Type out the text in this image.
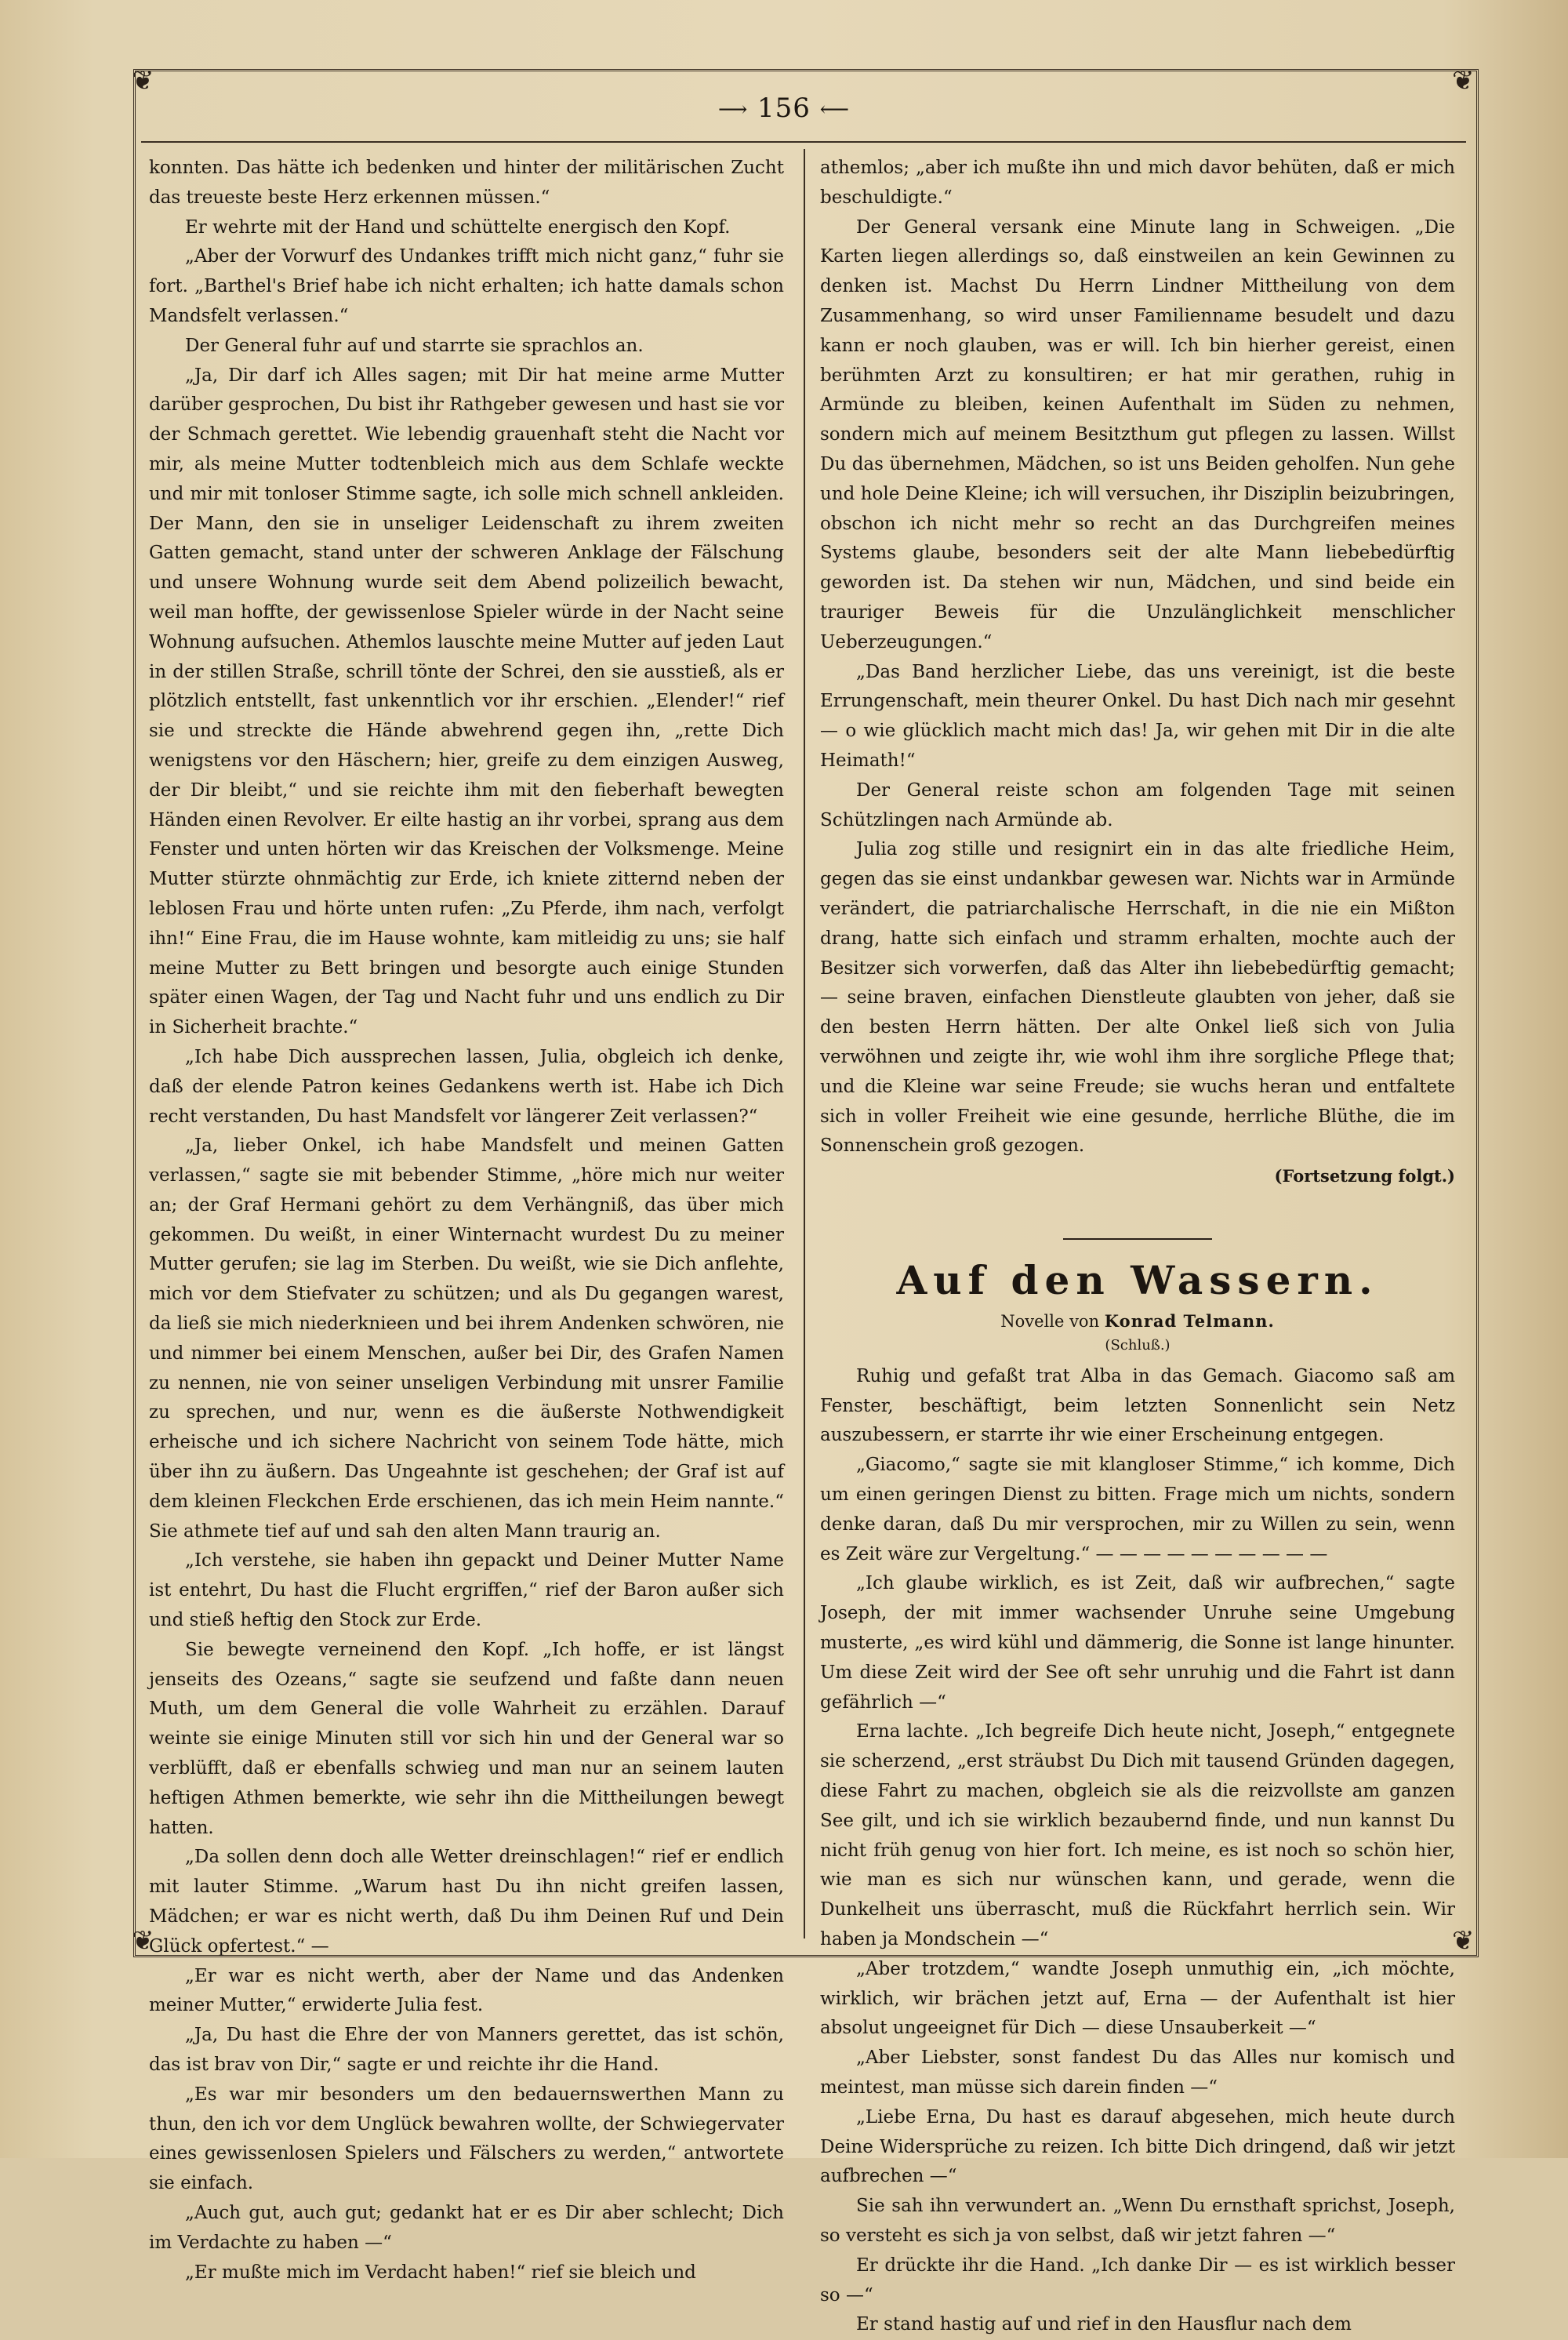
❦	❦
❦	❦
⟶ 156 ⟵

konnten. Das hätte ich bedenken und hinter der militärischen Zucht das treueste beste Herz erkennen müssen.“

Er wehrte mit der Hand und schüttelte energisch den Kopf.

„Aber der Vorwurf des Undankes trifft mich nicht ganz,“ fuhr sie fort. „Barthel's Brief habe ich nicht erhalten; ich hatte damals schon Mandsfelt verlassen.“

Der General fuhr auf und starrte sie sprachlos an.

„Ja, Dir darf ich Alles sagen; mit Dir hat meine arme Mutter darüber gesprochen, Du bist ihr Rathgeber gewesen und hast sie vor der Schmach gerettet. Wie lebendig grauenhaft steht die Nacht vor mir, als meine Mutter todtenbleich mich aus dem Schlafe weckte und mir mit tonloser Stimme sagte, ich solle mich schnell ankleiden. Der Mann, den sie in unseliger Leidenschaft zu ihrem zweiten Gatten gemacht, stand unter der schweren Anklage der Fälschung und unsere Wohnung wurde seit dem Abend polizeilich bewacht, weil man hoffte, der gewissenlose Spieler würde in der Nacht seine Wohnung aufsuchen. Athemlos lauschte meine Mutter auf jeden Laut in der stillen Straße, schrill tönte der Schrei, den sie ausstieß, als er plötzlich entstellt, fast unkenntlich vor ihr erschien. „Elender!“ rief sie und streckte die Hände abwehrend gegen ihn, „rette Dich wenigstens vor den Häschern; hier, greife zu dem einzigen Ausweg, der Dir bleibt,“ und sie reichte ihm mit den fieberhaft bewegten Händen einen Revolver. Er eilte hastig an ihr vorbei, sprang aus dem Fenster und unten hörten wir das Kreischen der Volksmenge. Meine Mutter stürzte ohnmächtig zur Erde, ich kniete zitternd neben der leblosen Frau und hörte unten rufen: „Zu Pferde, ihm nach, verfolgt ihn!“ Eine Frau, die im Hause wohnte, kam mitleidig zu uns; sie half meine Mutter zu Bett bringen und besorgte auch einige Stunden später einen Wagen, der Tag und Nacht fuhr und uns endlich zu Dir in Sicherheit brachte.“

„Ich habe Dich aussprechen lassen, Julia, obgleich ich denke, daß der elende Patron keines Gedankens werth ist. Habe ich Dich recht verstanden, Du hast Mandsfelt vor längerer Zeit verlassen?“

„Ja, lieber Onkel, ich habe Mandsfelt und meinen Gatten verlassen,“ sagte sie mit bebender Stimme, „höre mich nur weiter an; der Graf Hermani gehört zu dem Verhängniß, das über mich gekommen. Du weißt, in einer Winternacht wurdest Du zu meiner Mutter gerufen; sie lag im Sterben. Du weißt, wie sie Dich anflehte, mich vor dem Stiefvater zu schützen; und als Du gegangen warest, da ließ sie mich niederknieen und bei ihrem Andenken schwören, nie und nimmer bei einem Menschen, außer bei Dir, des Grafen Namen zu nennen, nie von seiner unseligen Verbindung mit unsrer Familie zu sprechen, und nur, wenn es die äußerste Nothwendigkeit erheische und ich sichere Nachricht von seinem Tode hätte, mich über ihn zu äußern. Das Ungeahnte ist geschehen; der Graf ist auf dem kleinen Fleckchen Erde erschienen, das ich mein Heim nannte.“ Sie athmete tief auf und sah den alten Mann traurig an.

„Ich verstehe, sie haben ihn gepackt und Deiner Mutter Name ist entehrt, Du hast die Flucht ergriffen,“ rief der Baron außer sich und stieß heftig den Stock zur Erde.

Sie bewegte verneinend den Kopf. „Ich hoffe, er ist längst jenseits des Ozeans,“ sagte sie seufzend und faßte dann neuen Muth, um dem General die volle Wahrheit zu erzählen. Darauf weinte sie einige Minuten still vor sich hin und der General war so verblüfft, daß er ebenfalls schwieg und man nur an seinem lauten heftigen Athmen bemerkte, wie sehr ihn die Mittheilungen bewegt hatten.

„Da sollen denn doch alle Wetter dreinschlagen!“ rief er endlich mit lauter Stimme. „Warum hast Du ihn nicht greifen lassen, Mädchen; er war es nicht werth, daß Du ihm Deinen Ruf und Dein Glück opfertest.“ —

„Er war es nicht werth, aber der Name und das Andenken meiner Mutter,“ erwiderte Julia fest.

„Ja, Du hast die Ehre der von Manners gerettet, das ist schön, das ist brav von Dir,“ sagte er und reichte ihr die Hand.

„Es war mir besonders um den bedauernswerthen Mann zu thun, den ich vor dem Unglück bewahren wollte, der Schwiegervater eines gewissenlosen Spielers und Fälschers zu werden,“ antwortete sie einfach.

„Auch gut, auch gut; gedankt hat er es Dir aber schlecht; Dich im Verdachte zu haben —“

„Er mußte mich im Verdacht haben!“ rief sie bleich und

athemlos; „aber ich mußte ihn und mich davor behüten, daß er mich beschuldigte.“

Der General versank eine Minute lang in Schweigen. „Die Karten liegen allerdings so, daß einstweilen an kein Gewinnen zu denken ist. Machst Du Herrn Lindner Mittheilung von dem Zusammenhang, so wird unser Familienname besudelt und dazu kann er noch glauben, was er will. Ich bin hierher gereist, einen berühmten Arzt zu konsultiren; er hat mir gerathen, ruhig in Armünde zu bleiben, keinen Aufenthalt im Süden zu nehmen, sondern mich auf meinem Besitzthum gut pflegen zu lassen. Willst Du das übernehmen, Mädchen, so ist uns Beiden geholfen. Nun gehe und hole Deine Kleine; ich will versuchen, ihr Disziplin beizubringen, obschon ich nicht mehr so recht an das Durchgreifen meines Systems glaube, besonders seit der alte Mann liebebedürftig geworden ist. Da stehen wir nun, Mädchen, und sind beide ein trauriger Beweis für die Unzulänglichkeit menschlicher Ueberzeugungen.“

„Das Band herzlicher Liebe, das uns vereinigt, ist die beste Errungenschaft, mein theurer Onkel. Du hast Dich nach mir gesehnt — o wie glücklich macht mich das! Ja, wir gehen mit Dir in die alte Heimath!“

Der General reiste schon am folgenden Tage mit seinen Schützlingen nach Armünde ab.

Julia zog stille und resignirt ein in das alte friedliche Heim, gegen das sie einst undankbar gewesen war. Nichts war in Armünde verändert, die patriarchalische Herrschaft, in die nie ein Mißton drang, hatte sich einfach und stramm erhalten, mochte auch der Besitzer sich vorwerfen, daß das Alter ihn liebebedürftig gemacht; — seine braven, einfachen Dienstleute glaubten von jeher, daß sie den besten Herrn hätten. Der alte Onkel ließ sich von Julia verwöhnen und zeigte ihr, wie wohl ihm ihre sorgliche Pflege that; und die Kleine war seine Freude; sie wuchs heran und entfaltete sich in voller Freiheit wie eine gesunde, herrliche Blüthe, die im Sonnenschein groß gezogen.

(Fortsetzung folgt.)
Auf den Wassern.
Novelle von Konrad Telmann.
(Schluß.)

Ruhig und gefaßt trat Alba in das Gemach. Giacomo saß am Fenster, beschäftigt, beim letzten Sonnenlicht sein Netz auszubessern, er starrte ihr wie einer Erscheinung entgegen.

„Giacomo,“ sagte sie mit klangloser Stimme,“ ich komme, Dich um einen geringen Dienst zu bitten. Frage mich um nichts, sondern denke daran, daß Du mir versprochen, mir zu Willen zu sein, wenn es Zeit wäre zur Vergeltung.“ — — — — — — — — — —

„Ich glaube wirklich, es ist Zeit, daß wir aufbrechen,“ sagte Joseph, der mit immer wachsender Unruhe seine Umgebung musterte, „es wird kühl und dämmerig, die Sonne ist lange hinunter. Um diese Zeit wird der See oft sehr unruhig und die Fahrt ist dann gefährlich —“

Erna lachte. „Ich begreife Dich heute nicht, Joseph,“ entgegnete sie scherzend, „erst sträubst Du Dich mit tausend Gründen dagegen, diese Fahrt zu machen, obgleich sie als die reizvollste am ganzen See gilt, und ich sie wirklich bezaubernd finde, und nun kannst Du nicht früh genug von hier fort. Ich meine, es ist noch so schön hier, wie man es sich nur wünschen kann, und gerade, wenn die Dunkelheit uns überrascht, muß die Rückfahrt herrlich sein. Wir haben ja Mondschein —“

„Aber trotzdem,“ wandte Joseph unmuthig ein, „ich möchte, wirklich, wir brächen jetzt auf, Erna — der Aufenthalt ist hier absolut ungeeignet für Dich — diese Unsauberkeit —“

„Aber Liebster, sonst fandest Du das Alles nur komisch und meintest, man müsse sich darein finden —“

„Liebe Erna, Du hast es darauf abgesehen, mich heute durch Deine Widersprüche zu reizen. Ich bitte Dich dringend, daß wir jetzt aufbrechen —“

Sie sah ihn verwundert an. „Wenn Du ernsthaft sprichst, Joseph, so versteht es sich ja von selbst, daß wir jetzt fahren —“

Er drückte ihr die Hand. „Ich danke Dir — es ist wirklich besser so —“

Er stand hastig auf und rief in den Hausflur nach dem
